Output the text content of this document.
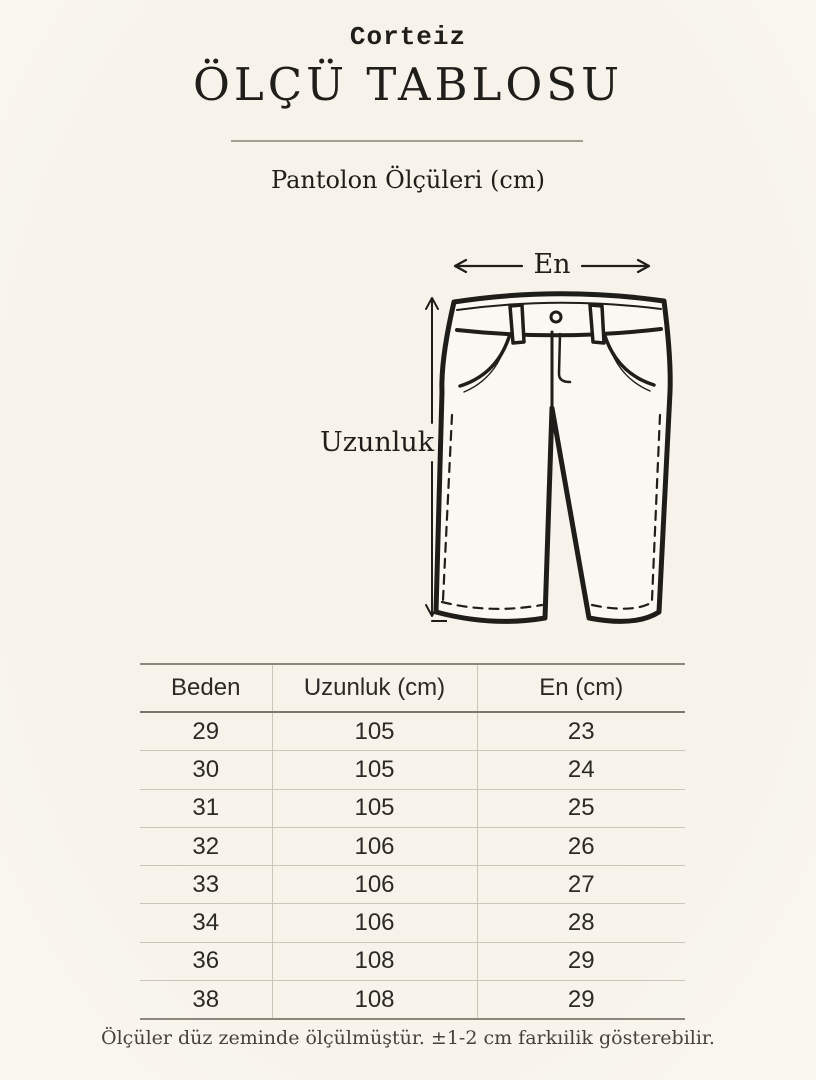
Corteiz
ÖLÇÜ TABLOSU
Pantolon Ölçüleri (cm)
En
Uzunluk
Beden	Uzunluk (cm)	En (cm)
29	105	23
30	105	24
31	105	25
32	106	26
33	106	27
34	106	28
36	108	29
38	108	29
Ölçüler düz zeminde ölçülmüştür. ±1-2 cm farkıilik gösterebilir.
